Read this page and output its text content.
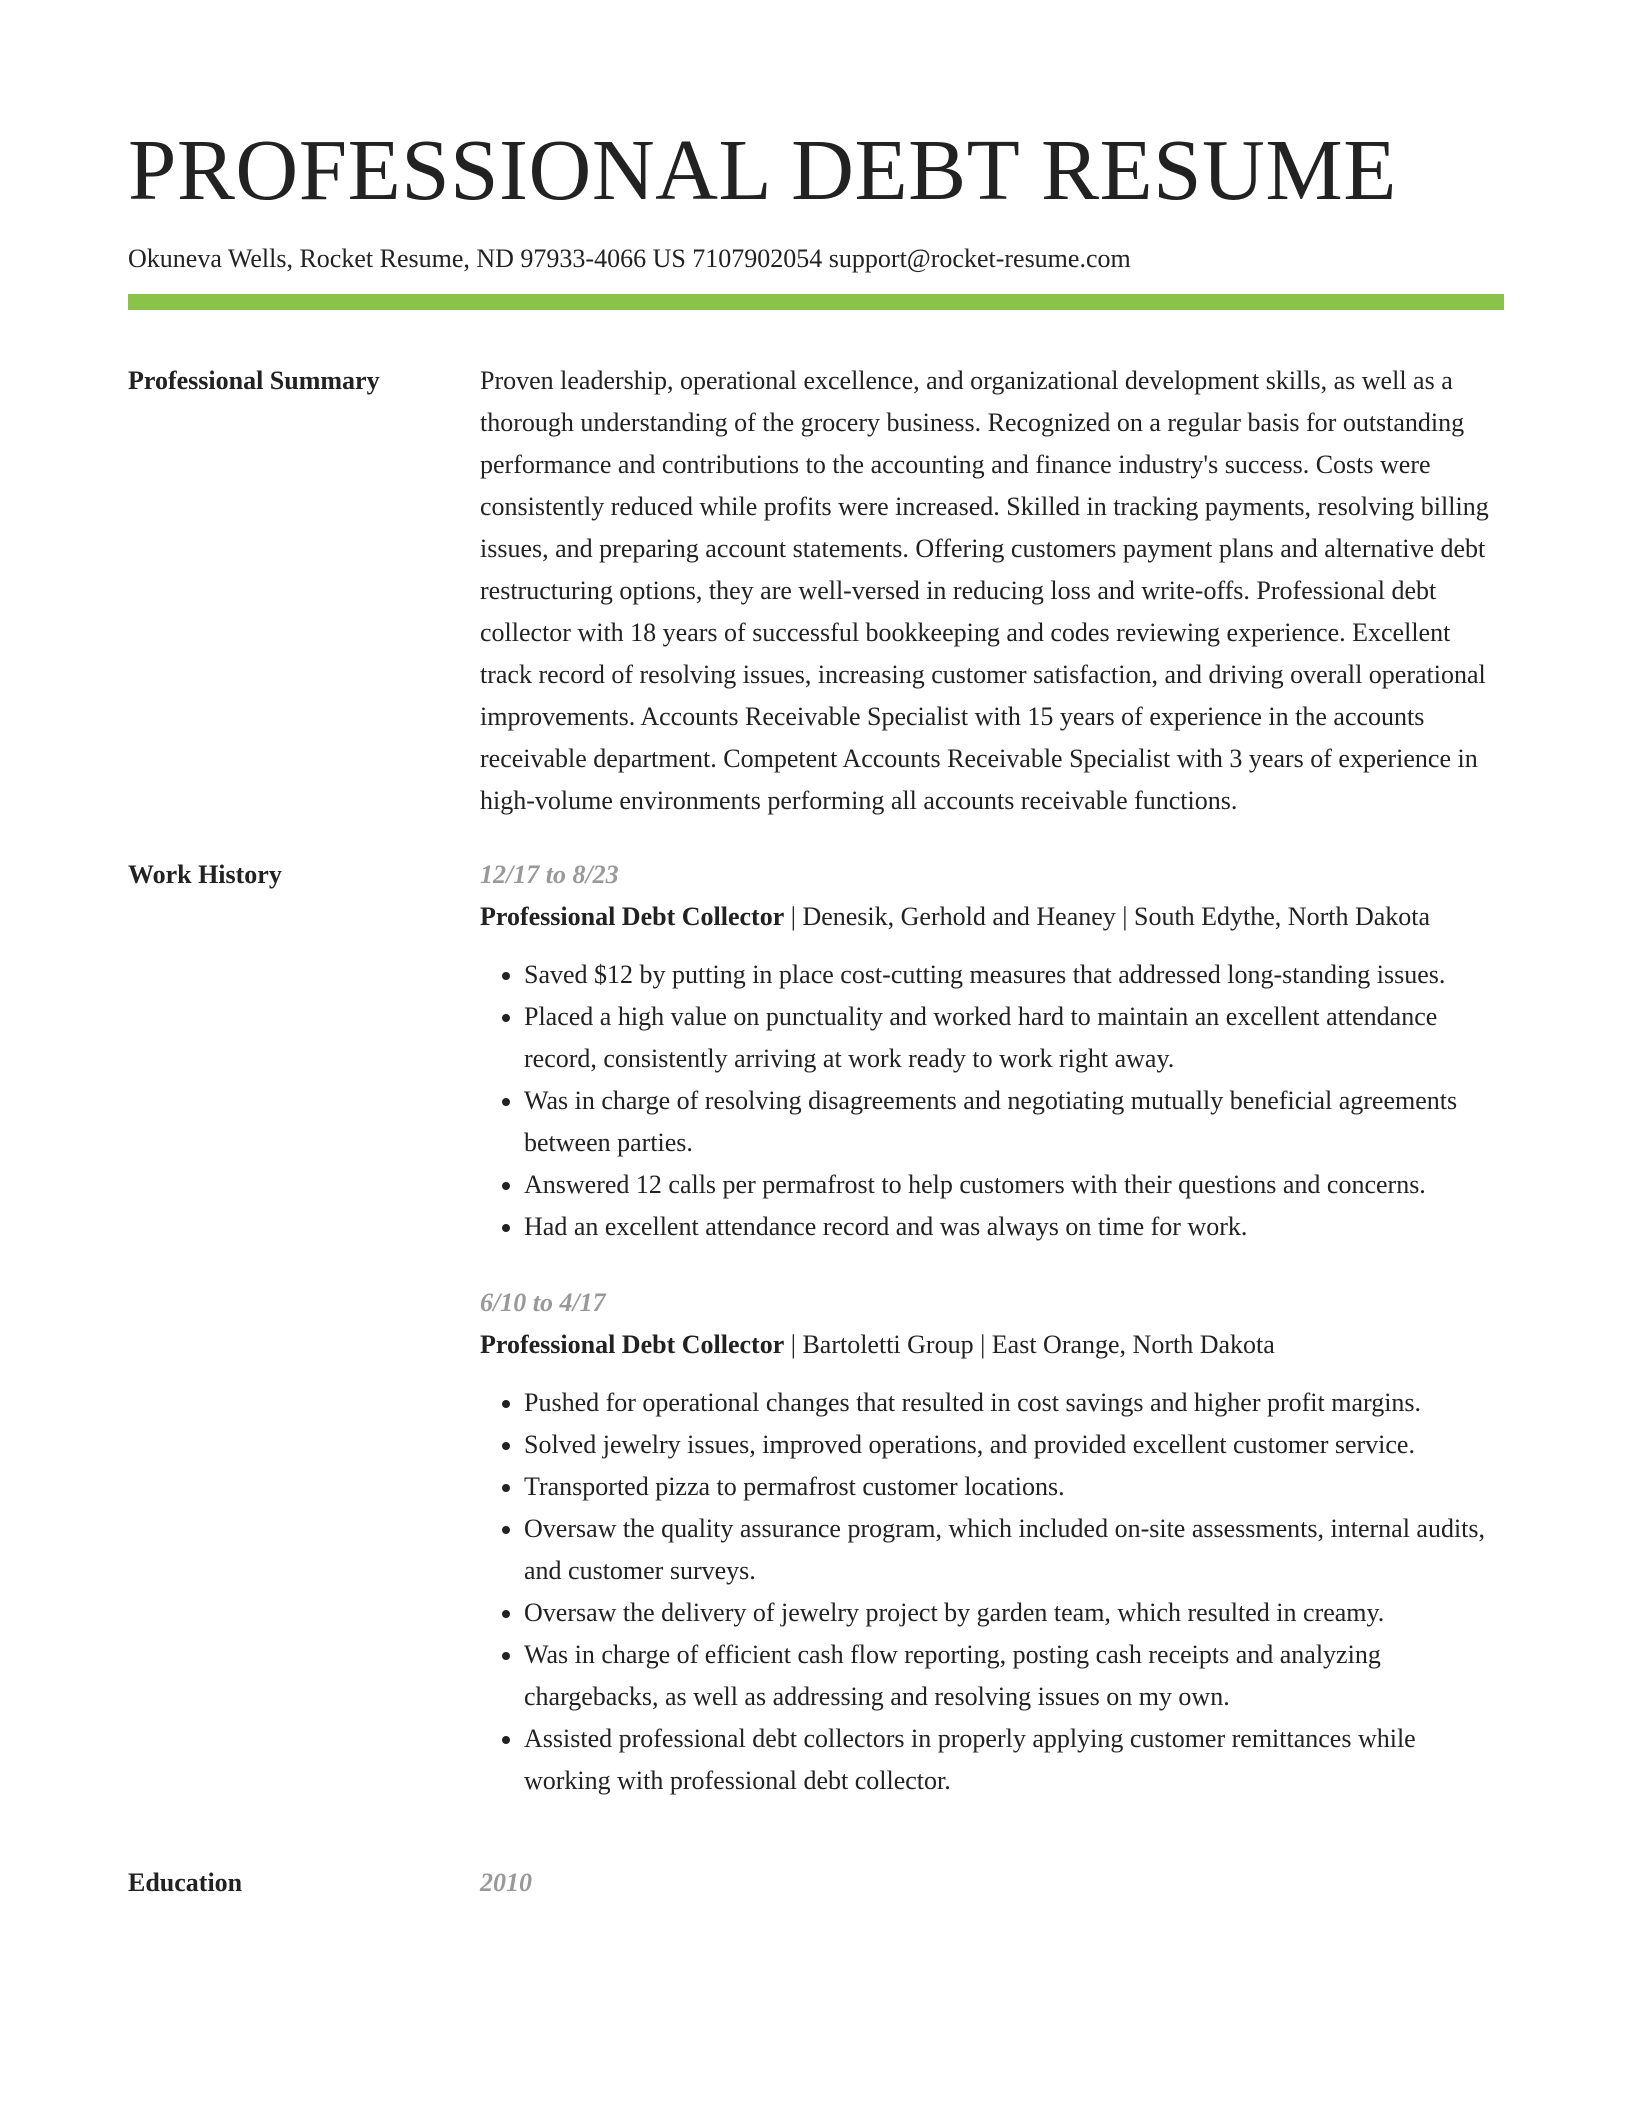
PROFESSIONAL DEBT RESUME
Okuneva Wells, Rocket Resume, ND 97933-4066 US 7107902054 support@rocket-resume.com
Professional Summary	Proven leadership, operational excellence, and organizational development skills, as well as a thorough understanding of the grocery business. Recognized on a regular basis for outstanding performance and contributions to the accounting and finance industry's success. Costs were consistently reduced while profits were increased. Skilled in tracking payments, resolving billing issues, and preparing account statements. Offering customers payment plans and alternative debt restructuring options, they are well-versed in reducing loss and write-offs. Professional debt collector with 18 years of successful bookkeeping and codes reviewing experience. Excellent track record of resolving issues, increasing customer satisfaction, and driving overall operational improvements. Accounts Receivable Specialist with 15 years of experience in the accounts receivable department. Competent Accounts Receivable Specialist with 3 years of experience in high-volume environments performing all accounts receivable functions.

Work History	12/17 to 8/23

Professional Debt Collector | Denesik, Gerhold and Heaney | South Edythe, North Dakota

• Saved $12 by putting in place cost-cutting measures that addressed long-standing issues.
• Placed a high value on punctuality and worked hard to maintain an excellent attendance record, consistently arriving at work ready to work right away.
• Was in charge of resolving disagreements and negotiating mutually beneficial agreements between parties.
• Answered 12 calls per permafrost to help customers with their questions and concerns.
• Had an excellent attendance record and was always on time for work.
6/10 to 4/17

Professional Debt Collector | Bartoletti Group | East Orange, North Dakota

• Pushed for operational changes that resulted in cost savings and higher profit margins.
• Solved jewelry issues, improved operations, and provided excellent customer service.
• Transported pizza to permafrost customer locations.
• Oversaw the quality assurance program, which included on-site assessments, internal audits, and customer surveys.
• Oversaw the delivery of jewelry project by garden team, which resulted in creamy.
• Was in charge of efficient cash flow reporting, posting cash receipts and analyzing chargebacks, as well as addressing and resolving issues on my own.
• Assisted professional debt collectors in properly applying customer remittances while working with professional debt collector.
Education	2010
